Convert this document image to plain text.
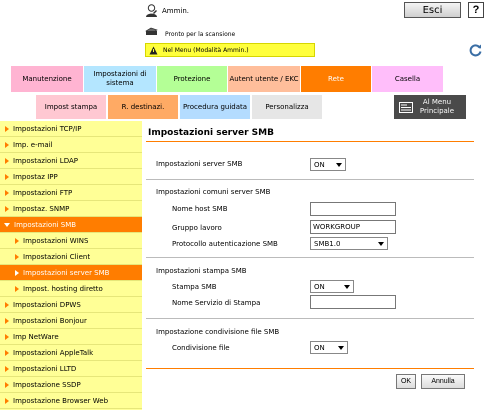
Ammin.	Esci	?
Pronto per la scansione
Nel Menu (Modalità Ammin.)
Manutenzione
Impostazioni di sistema
Protezione	Autent utente / EKC	Rete	Casella
Impost stampa	R. destinazi.	Procedura guidata	Personalizza
Al Menu Principale
Impostazioni TCP/IP
Imp. e-mail
Impostazioni LDAP
Impostaz IPP
Impostazioni FTP
Impostaz. SNMP
Impostazioni SMB
Impostazioni WINS
Impostazioni Client
Impostazioni server SMB
Impost. hosting diretto
Impostazioni DPWS
Impostazioni Bonjour
Imp NetWare
Impostazioni AppleTalk
Impostazioni LLTD
Impostazione SSDP
Impostazione Browser Web
Impostazioni server SMB
Impostazioni server SMB	ON
Impostazioni comuni server SMB
Nome host SMB
Gruppo lavoro	WORKGROUP
Protocollo autenticazione SMB	SMB1.0
Impostazioni stampa SMB
Stampa SMB	ON
Nome Servizio di Stampa
Impostazione condivisione file SMB
Condivisione file	ON
OK	Annulla
